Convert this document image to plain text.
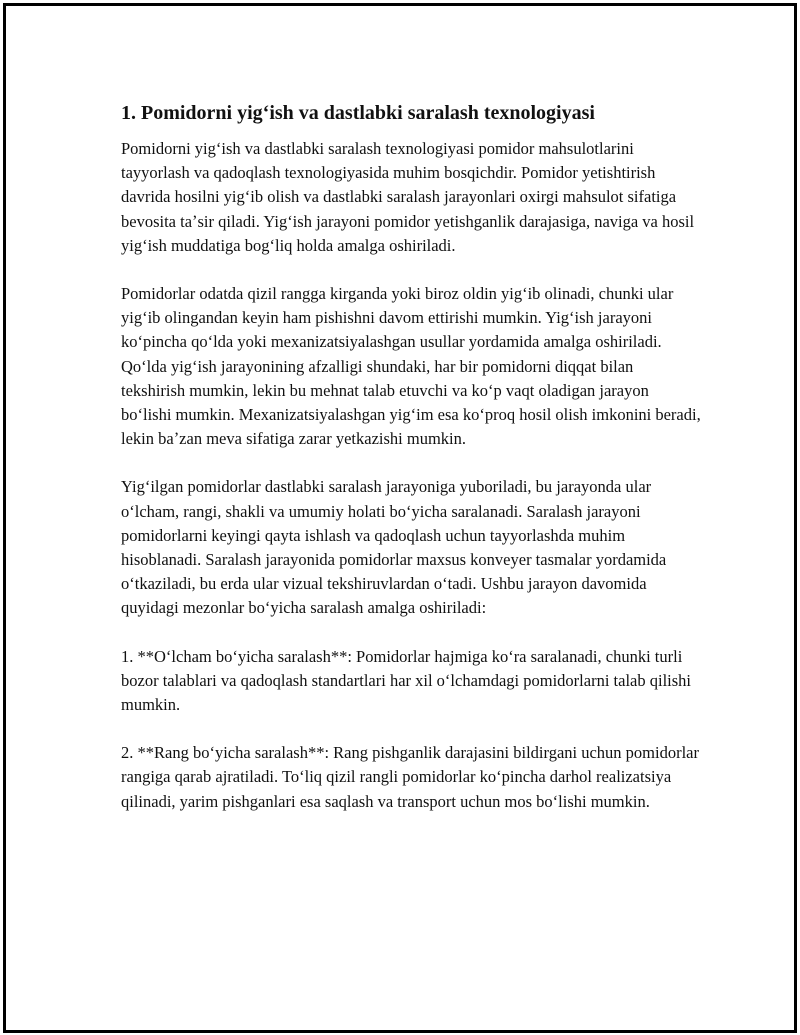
1. Pomidorni yig‘ish va dastlabki saralash texnologiyasi

Pomidorni yig‘ish va dastlabki saralash texnologiyasi pomidor mahsulotlarini tayyorlash va qadoqlash texnologiyasida muhim bosqichdir. Pomidor yetishtirish davrida hosilni yig‘ib olish va dastlabki saralash jarayonlari oxirgi mahsulot sifatiga bevosita taʼsir qiladi. Yig‘ish jarayoni pomidor yetishganlik darajasiga, naviga va hosil yig‘ish muddatiga bog‘liq holda amalga oshiriladi.

Pomidorlar odatda qizil rangga kirganda yoki biroz oldin yig‘ib olinadi, chunki ular yig‘ib olingandan keyin ham pishishni davom ettirishi mumkin. Yig‘ish jarayoni ko‘pincha qo‘lda yoki mexanizatsiyalashgan usullar yordamida amalga oshiriladi. Qo‘lda yig‘ish jarayonining afzalligi shundaki, har bir pomidorni diqqat bilan tekshirish mumkin, lekin bu mehnat talab etuvchi va ko‘p vaqt oladigan jarayon bo‘lishi mumkin. Mexanizatsiyalashgan yig‘im esa ko‘proq hosil olish imkonini beradi, lekin baʼzan meva sifatiga zarar yetkazishi mumkin.

Yig‘ilgan pomidorlar dastlabki saralash jarayoniga yuboriladi, bu jarayonda ular o‘lcham, rangi, shakli va umumiy holati bo‘yicha saralanadi. Saralash jarayoni pomidorlarni keyingi qayta ishlash va qadoqlash uchun tayyorlashda muhim hisoblanadi. Saralash jarayonida pomidorlar maxsus konveyer tasmalar yordamida o‘tkaziladi, bu erda ular vizual tekshiruvlardan o‘tadi. Ushbu jarayon davomida quyidagi mezonlar bo‘yicha saralash amalga oshiriladi:

1. **O‘lcham bo‘yicha saralash**: Pomidorlar hajmiga ko‘ra saralanadi, chunki turli bozor talablari va qadoqlash standartlari har xil o‘lchamdagi pomidorlarni talab qilishi mumkin.

2. **Rang bo‘yicha saralash**: Rang pishganlik darajasini bildirgani uchun pomidorlar rangiga qarab ajratiladi. To‘liq qizil rangli pomidorlar ko‘pincha darhol realizatsiya qilinadi, yarim pishganlari esa saqlash va transport uchun mos bo‘lishi mumkin.
